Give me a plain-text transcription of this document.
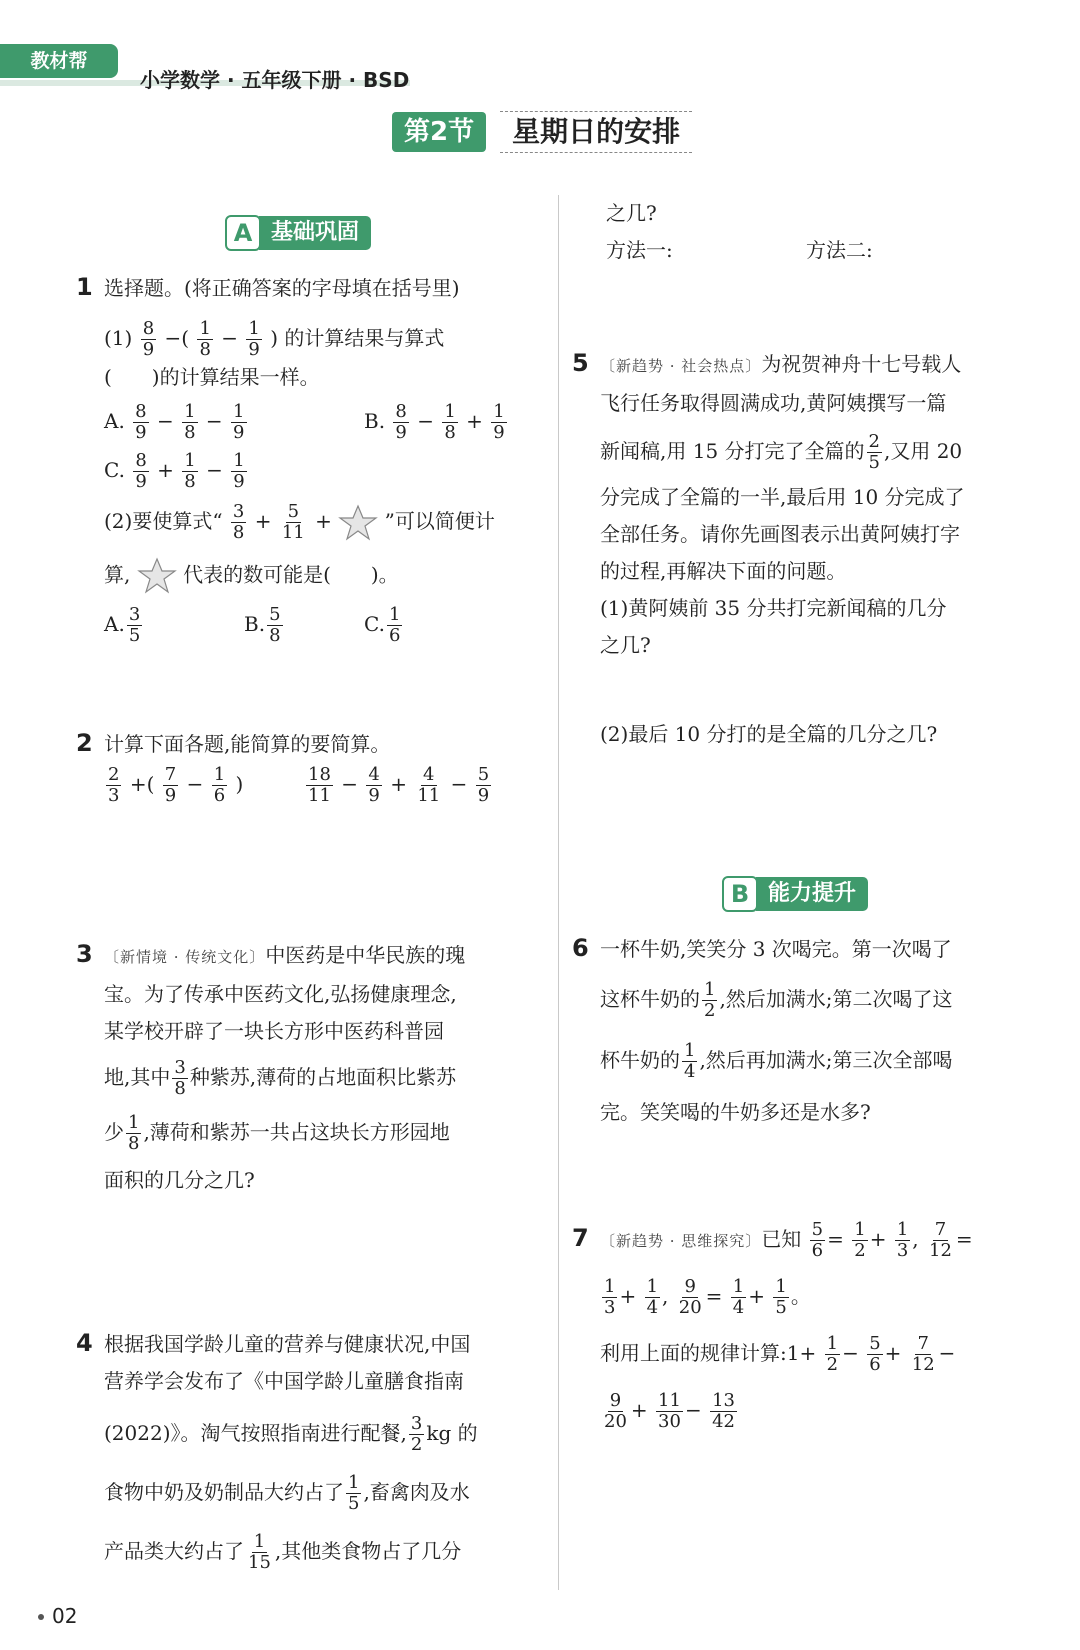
教材帮
小学数学 · 五年级下册 · BSD
第2节	星期日的安排
A 基础巩固
1 选择题。(将正确答案的字母填在括号里)
$(1) \frac{8}{9}$ −( $\frac{1}{8} - \frac{1}{9}$ ) 的计算结果与算式
(　　)的计算结果一样。
A. $\frac{8}{9} - \frac{1}{8} - \frac{1}{9}$	B. $\frac{8}{9} - \frac{1}{8} + \frac{1}{9}$
C. $\frac{8}{9} + \frac{1}{8} - \frac{1}{9}$
(2)要使算式“ $\frac{3}{8} + \frac{5}{11}$ +	”可以简便计
算,	代表的数可能是(　　)。
A. $\frac{3}{5}$	B. $\frac{5}{8}$	C. $\frac{1}{6}$
2 计算下面各题,能简算的要简算。
$\frac{2}{3}$ +( $\frac{7}{9} - \frac{1}{6}$ )	$\frac{18}{11} - \frac{4}{9} + \frac{4}{11} - \frac{5}{9}$
3 〔新情境 · 传统文化〕中医药是中华民族的瑰
宝。为了传承中医药文化,弘扬健康理念,
某学校开辟了一块长方形中医药科普园
地,其中 $\frac{3}{8}$ 种紫苏,薄荷的占地面积比紫苏
少 $\frac{1}{8}$ ,薄荷和紫苏一共占这块长方形园地
面积的几分之几?
4 根据我国学龄儿童的营养与健康状况,中国
营养学会发布了《中国学龄儿童膳食指南
(2022)》。淘气按照指南进行配餐, $\frac{3}{2}$ kg 的
食物中奶及奶制品大约占了 $\frac{1}{5}$ ,畜禽肉及水
产品类大约占了 $\frac{1}{15}$ ,其他类食物占了几分
之几?
方法一:	方法二:
5 〔新趋势 · 社会热点〕为祝贺神舟十七号载人
飞行任务取得圆满成功,黄阿姨撰写一篇
新闻稿,用 15 分打完了全篇的 $\frac{2}{5}$ ,又用 20
分完成了全篇的一半,最后用 10 分完成了
全部任务。请你先画图表示出黄阿姨打字
的过程,再解决下面的问题。
(1)黄阿姨前 35 分共打完新闻稿的几分
之几?
(2)最后 10 分打的是全篇的几分之几?
B 能力提升
6 一杯牛奶,笑笑分 3 次喝完。第一次喝了
这杯牛奶的 $\frac{1}{2}$ ,然后加满水;第二次喝了这
杯牛奶的 $\frac{1}{4}$ ,然后再加满水;第三次全部喝
完。笑笑喝的牛奶多还是水多?
7 〔新趋势 · 思维探究〕已知 $\frac{5}{6} = \frac{1}{2} + \frac{1}{3}$ , $\frac{7}{12}$ =
$\frac{1}{3} + \frac{1}{4}$ , $\frac{9}{20} = \frac{1}{4} + \frac{1}{5}$ 。
利用上面的规律计算:1+ $\frac{1}{2} - \frac{5}{6} + \frac{7}{12}$ −
$\frac{9}{20} + \frac{11}{30} - \frac{13}{42}$
02
